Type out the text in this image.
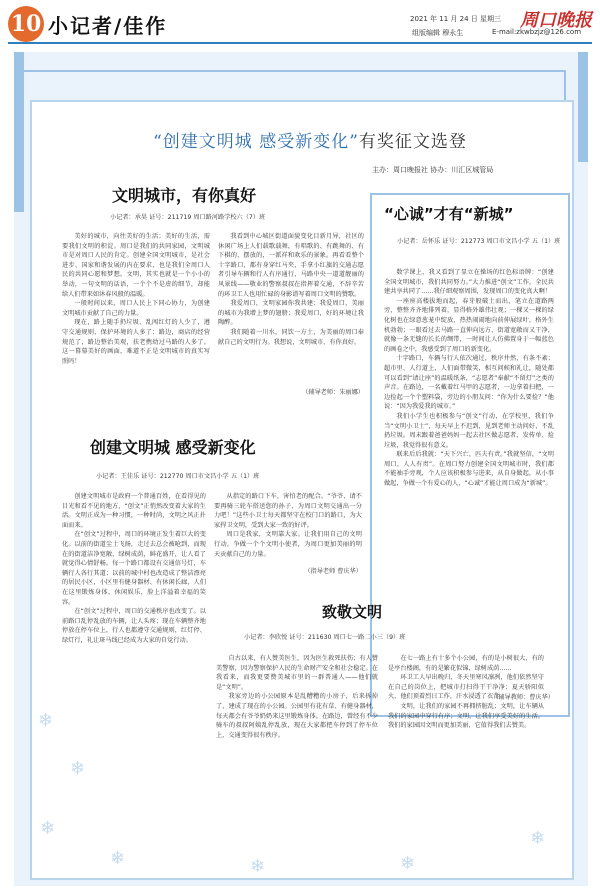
10 小记者/佳作	2021 年 11 月 24 日 星期三 周口晚报
组版编辑 穆永生	E-mail:zkwbzjz@126.com
❄
❄
❄
❄	❄	❄
❄
“创建文明城 感受新变化”有奖征文选登
主办：周口晚报社 协办：川汇区城管局
文明城市，有你真好
小记者：承昊 证号：211719 周口路河路学校六（7）班

美好的城市，向往美好的生活；美好的生活，需要我们文明的积淀。周口是我们的共同家园，文明城市是对周口人民的肯定。创建全国文明城市，是社会进步、国家和谐发展的内在要求，也是我们全周口人民的共同心愿和梦想。文明，其实也就是一个小小的举动，一句文明的话语，一个个不是虚的细节，却能给人们带来如沐春风般的温暖。

一般时间以来，周口人民上下同心协力，为创建文明城市贡献了自己的力量。

现在，路上随手扔垃圾、乱闯红灯的人少了，遵守交通规则、保护环境的人多了；路边，商店的经营规范了，路边整治美观，扶老携幼过马路的人多了。这一幕幕美好的画面，难道不正是文明城市的真实写照吗！

我看到中心城区街道面貌变化目新月异，社区的休闲广场上人们载歌载舞，有唱歌的、有跳舞的、有下棋的、摆放的，一派祥和欢乐的景象。再看看整个十字路口，都有身穿红马夹、手拿小红旗的交通志愿者引导车辆和行人有序通行，马路中央一道道靓丽的风景线——敬业的警察叔叔在指挥着交通，不辞辛苦的环卫工人也用忙碌的身影谱写着周口文明的赞歌。

我爱周口，文明家园你我共建；我爱周口，美丽的城市为我增上梦的翅膀；我爱周口，好的环境让我陶醉。

我们随着一川水，同饮一方土，为美丽的周口奉献自己的文明行为。我想说，文明城市，有你真好。

（辅导老师：朱丽娜）
“心诚”才有“新城”
小记者：岳怀乐 证号：212773 周口市文昌小学 五（1）班

数学课上，我又看到了显立在操场的红色标语牌：“创建全国文明城市，我们共同努力。”大力推进“创文”工作，全民共建共享共同了……我仔细观察周围，发现周口的变化真大啊！

一座座高楼拔地而起，春芽般破土而出，笔立在道路两旁，整整齐齐地排列着，显得格外雄伟壮观；一棵又一棵的绿化树也在绿意葱茏中绽放，热热闹闹地向前伸展绿叶，格外生机勃勃；一眼看过去马路一直伸向远方，街道宽敞而又干净，就像一条无缝的长长的绸带，一时间让人仿佛置身于一幅蓝色的画卷之中，我感受到了周口的新变化。

十字路口，车辆与行人依次通过，秩序井然，有条不紊；超市里、人行道上，人们面带微笑，相互问候和礼让，随处都可以看到“请让座”的温暖纸条，“志愿者”奉献“不留灯”之类的声音。在路边，一名戴着红马甲的志愿者，一边拿着扫把，一边捡起一个个塑料袋，旁边的小朋友问：“你为什么要捡？”他说：“因为我爱我的城市。”

我们小学生也积极参与“创文”行动，在学校里，我们争当“文明小卫士”，每天早上不迟到，见到老师主动问好，不乱扔垃圾。周末跟着爸爸妈妈一起去社区做志愿者，发传单、捡垃圾，我觉得很有意义。

联来后后我就：“天下兴亡，匹夫有责。”我就坚信，“文明周口，人人有责”。在周口努力创建全国文明城市时，我们都不能袖手旁观，个人应该积极参与进来，从自身做起，从小事做起，争做一个有爱心的人，“心诚”才能让周口成为“新城”。

（辅导教师：曹庆华）
创建文明城 感受新变化
小记者：王佳乐 证号：212770 周口市文昌小学 五（1）班

创建文明城市是政府一个普通百姓，在看得见的目光和看不见的地方，“创文”正悄然改变着大家的生活。文明正成为一种习惯，一种时尚，文明之风正扑面而来。

在“创文”过程中，周口的环境正发生着巨大的变化。以前的街道尘土飞扬，走过去总会被呛到，而现在的街道洁净宽敞，绿树成荫，鲜花盛开，让人看了就觉得心情舒畅。每一个路口都设有交通信号灯，车辆行人各行其道；以前的城中村也改造成了整洁漂亮的居民小区，小区里有健身器材、有休闲长廊，人们在这里锻炼身体、休闲娱乐，脸上洋溢着幸福的笑容。

在“创文”过程中，周口的交通秩序也改变了。以前路口乱停乱放的车辆，让人头疼；现在车辆整齐地停放在停车位上，行人也都遵守交通规则，红灯停、绿灯行，礼让斑马线已经成为大家的自觉行动。

从指定的路口下车，害怕老的配合。“爷爷，请不要再骑三轮车搭送您的孙子，为周口文明交通出一分力吧！”这些小卫士每天都坚守在校门口的路口，为大家捍卫文明，受到大家一致的好评。

周口是我家，文明靠大家。让我们用自己的文明行动，争做一个个文明小使者，为周口更加美丽的明天贡献自己的力量。

（指导老师 曹庆华）
致敬文明
小记者：李欣悦 证号：211630 周口七一路二小三（9）班

自古以来，有人赞美医生，因为医生救死扶伤；有人赞美警察，因为警察保护人民的生命财产安全和社会稳定。在我看来，而我更要赞美城市里的一群普通人——他们就是“文明”。

我家旁边的小公园原本是乱糟糟的小房子，后来拆掉了，建成了现在的小公园。公园里有花有草、有健身器材，每天都会有爷爷奶奶来这里锻炼身体。在路边，曾经有不少骑车的叔叔阿姨乱停乱放，现在大家都把车停到了停车位上，交通变得很有秩序。

在七一路上有十多个小公园，有的是小树很大，有的是亭台楼阁，有的是繁花似锦、绿树成荫……

环卫工人早出晚归，冬天里寒风凛冽，他们依然坚守在自己的岗位上，把城市打扫得干干净净；夏天骄阳似火，他们顶着烈日工作，汗水浸透了衣背。

文明，让我们的家园不再拥挤脏乱；文明，让车辆从我们的家园中穿行有序；文明，让我们享受美好的生活。我们的家园因文明而更加美丽，它值得我们去赞美。
